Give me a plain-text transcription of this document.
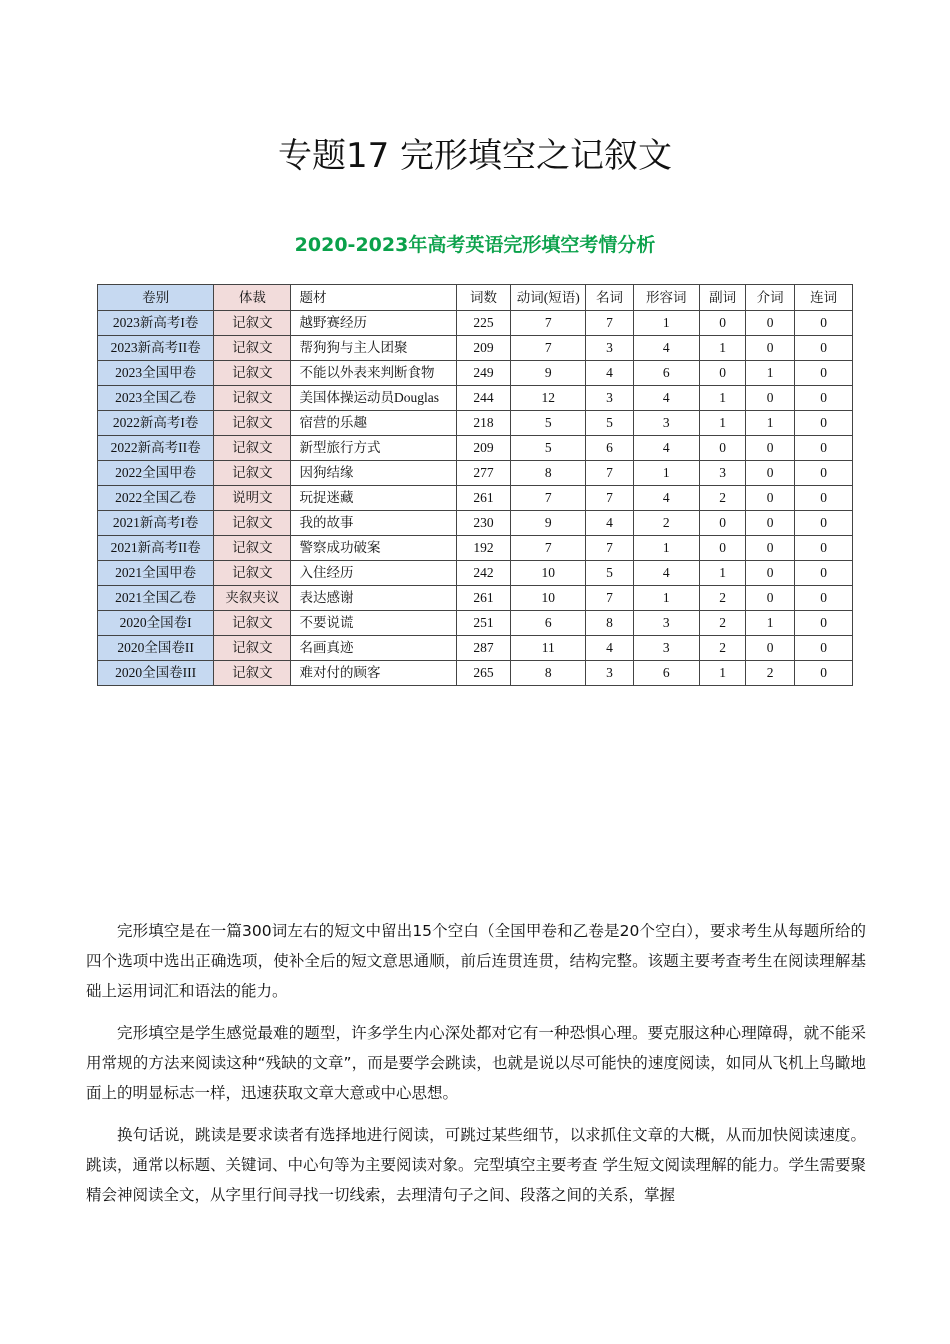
专题17 完形填空之记叙文
2020-2023年高考英语完形填空考情分析
卷别	体裁	题材	词数	动词(短语)	名词	形容词	副词	介词	连词
2023新高考I卷	记叙文	越野赛经历	225	7	7	1	0	0	0
2023新高考II卷	记叙文	帮狗狗与主人团聚	209	7	3	4	1	0	0
2023全国甲卷	记叙文	不能以外表来判断食物	249	9	4	6	0	1	0
2023全国乙卷	记叙文	美国体操运动员Douglas	244	12	3	4	1	0	0
2022新高考I卷	记叙文	宿营的乐趣	218	5	5	3	1	1	0
2022新高考II卷	记叙文	新型旅行方式	209	5	6	4	0	0	0
2022全国甲卷	记叙文	因狗结缘	277	8	7	1	3	0	0
2022全国乙卷	说明文	玩捉迷藏	261	7	7	4	2	0	0
2021新高考I卷	记叙文	我的故事	230	9	4	2	0	0	0
2021新高考II卷	记叙文	警察成功破案	192	7	7	1	0	0	0
2021全国甲卷	记叙文	入住经历	242	10	5	4	1	0	0
2021全国乙卷	夹叙夹议	表达感谢	261	10	7	1	2	0	0
2020全国卷I	记叙文	不要说谎	251	6	8	3	2	1	0
2020全国卷II	记叙文	名画真迹	287	11	4	3	2	0	0
2020全国卷III	记叙文	难对付的顾客	265	8	3	6	1	2	0

完形填空是在一篇300词左右的短文中留出15个空白（全国甲卷和乙卷是20个空白），要求考生从每题所给的四个选项中选出正确选项，使补全后的短文意思通顺，前后连贯连贯，结构完整。该题主要考查考生在阅读理解基础上运用词汇和语法的能力。

完形填空是学生感觉最难的题型，许多学生内心深处都对它有一种恐惧心理。要克服这种心理障碍，就不能采用常规的方法来阅读这种“残缺的文章”，而是要学会跳读，也就是说以尽可能快的速度阅读，如同从飞机上鸟瞰地面上的明显标志一样，迅速获取文章大意或中心思想。

换句话说，跳读是要求读者有选择地进行阅读，可跳过某些细节，以求抓住文章的大概，从而加快阅读速度。跳读，通常以标题、关键词、中心句等为主要阅读对象。完型填空主要考查 学生短文阅读理解的能力。学生需要聚精会神阅读全文，从字里行间寻找一切线索，去理清句子之间、段落之间的关系，掌握
